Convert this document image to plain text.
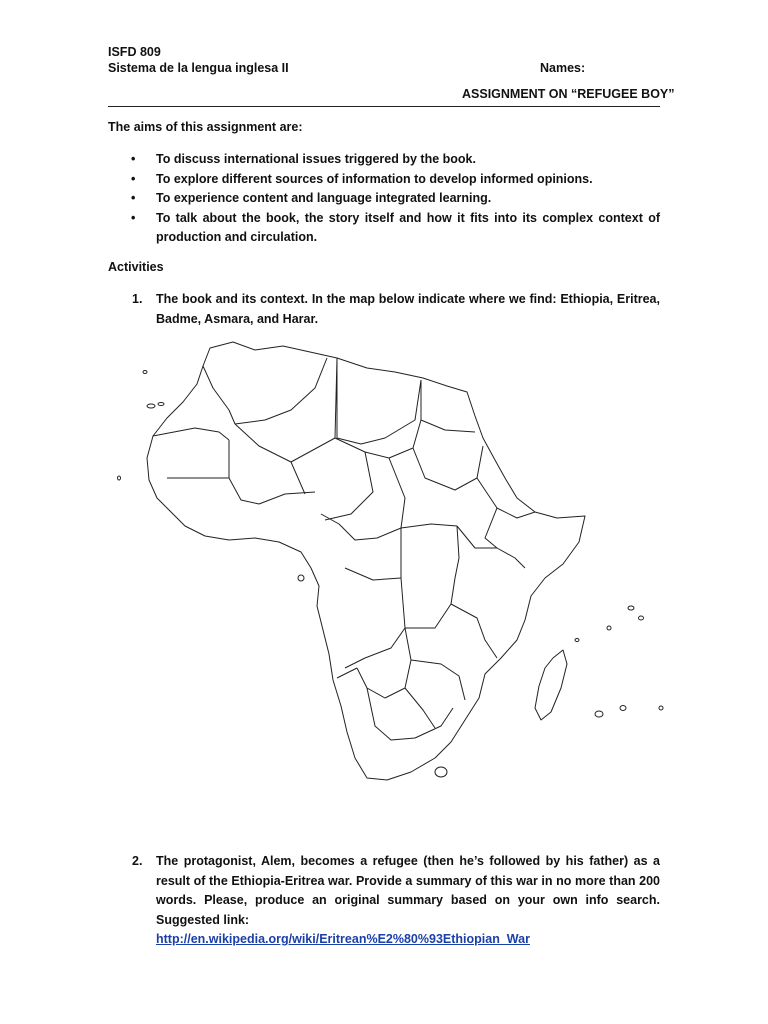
ISFD 809
Sistema de la lengua inglesa II	Names:
ASSIGNMENT ON “REFUGEE BOY”
The aims of this assignment are:
• To discuss international issues triggered by the book.
• To explore different sources of information to develop informed opinions.
• To experience content and language integrated learning.
• To talk about the book, the story itself and how it fits into its complex context of production and circulation.
Activities
1. The book and its context. In the map below indicate where we find: Ethiopia, Eritrea, Badme, Asmara, and Harar.
2. The protagonist, Alem, becomes a refugee (then he’s followed by his father) as a result of the Ethiopia-Eritrea war. Provide a summary of this war in no more than 200 words. Please, produce an original summary based on your own info search. Suggested link:
http://en.wikipedia.org/wiki/Eritrean%E2%80%93Ethiopian_War
